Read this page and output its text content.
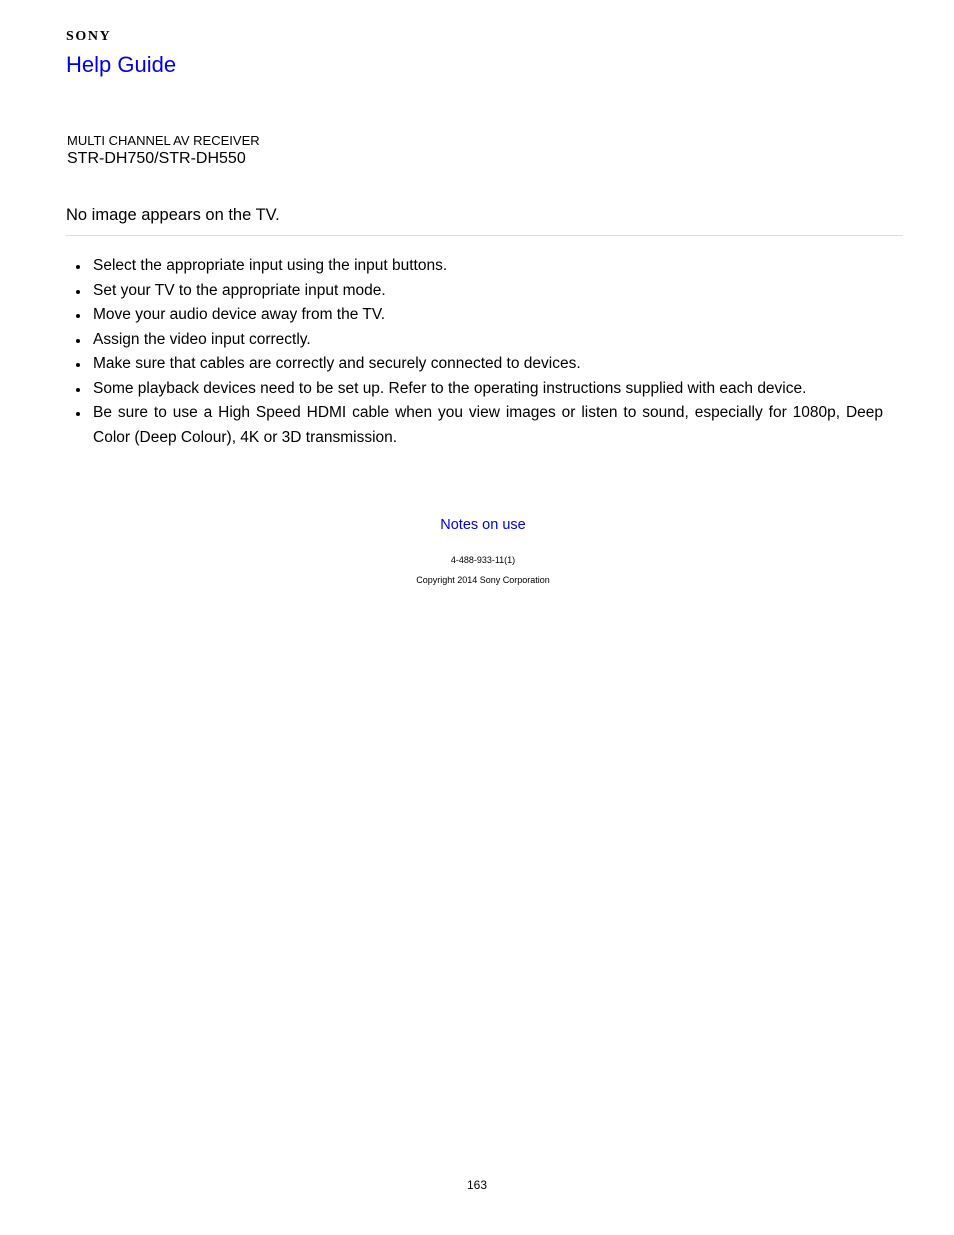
SONY
Help Guide
MULTI CHANNEL AV RECEIVER
STR-DH750/STR-DH550
No image appears on the TV.
Select the appropriate input using the input buttons.
Set your TV to the appropriate input mode.
Move your audio device away from the TV.
Assign the video input correctly.
Make sure that cables are correctly and securely connected to devices.
Some playback devices need to be set up. Refer to the operating instructions supplied with each device.
Be sure to use a High Speed HDMI cable when you view images or listen to sound, especially for 1080p, Deep Color (Deep Colour), 4K or 3D transmission.
Notes on use
4-488-933-11(1)
Copyright 2014 Sony Corporation
163
